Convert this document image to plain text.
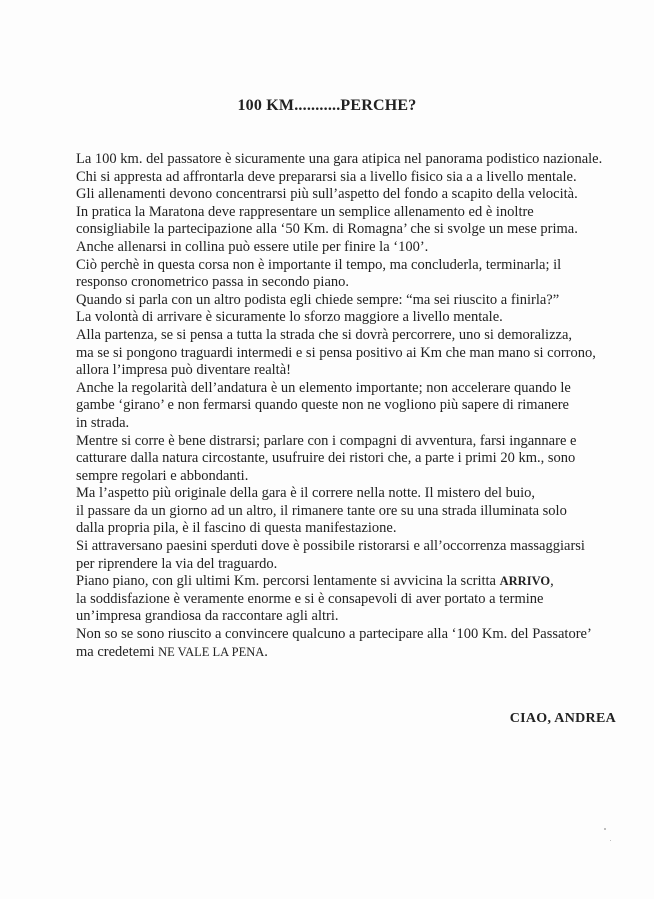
100 KM...........PERCHE?
La 100 km. del passatore è sicuramente una gara atipica nel panorama podistico nazionale.
Chi si appresta ad affrontarla deve prepararsi sia a livello fisico sia a a livello mentale.
Gli allenamenti devono concentrarsi più sull’aspetto del fondo a scapito della velocità.
In pratica la Maratona deve rappresentare un semplice allenamento ed è inoltre
consigliabile la partecipazione alla ‘50 Km. di Romagna’ che si svolge un mese prima.
Anche allenarsi in collina può essere utile per finire la ‘100’.
Ciò perchè in questa corsa non è importante il tempo, ma concluderla, terminarla; il
responso cronometrico passa in secondo piano.
Quando si parla con un altro podista egli chiede sempre: “ma sei riuscito a finirla?”
La volontà di arrivare è sicuramente lo sforzo maggiore a livello mentale.
Alla partenza, se si pensa a tutta la strada che si dovrà percorrere, uno si demoralizza,
ma se si pongono traguardi intermedi e si pensa positivo ai Km che man mano si corrono,
allora l’impresa può diventare realtà!
Anche la regolarità dell’andatura è un elemento importante; non accelerare quando le
gambe ‘girano’ e non fermarsi quando queste non ne vogliono più sapere di rimanere
in strada.
Mentre si corre è bene distrarsi; parlare con i compagni di avventura, farsi ingannare e
catturare dalla natura circostante, usufruire dei ristori che, a parte i primi 20 km., sono
sempre regolari e abbondanti.
Ma l’aspetto più originale della gara è il correre nella notte. Il mistero del buio,
il passare da un giorno ad un altro, il rimanere tante ore su una strada illuminata solo
dalla propria pila, è il fascino di questa manifestazione.
Si attraversano paesini sperduti dove è possibile ristorarsi e all’occorrenza massaggiarsi
per riprendere la via del traguardo.
Piano piano, con gli ultimi Km. percorsi lentamente si avvicina la scritta ARRIVO,
la soddisfazione è veramente enorme e si è consapevoli di aver portato a termine
un’impresa grandiosa da raccontare agli altri.
Non so se sono riuscito a convincere qualcuno a partecipare alla ‘100 Km. del Passatore’
ma credetemi NE VALE LA PENA.
CIAO, ANDREA
